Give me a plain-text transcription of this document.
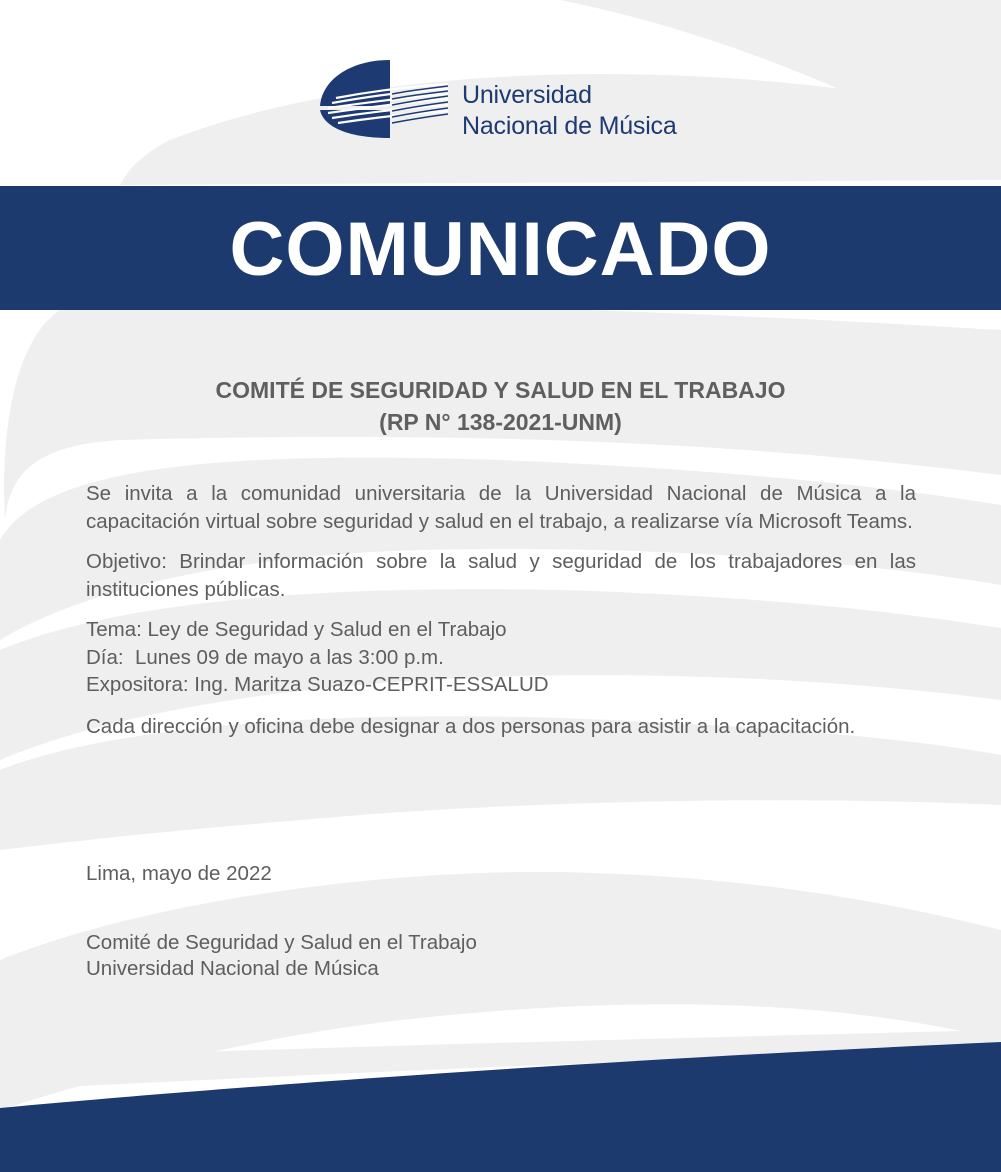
Universidad
Nacional de Música
COMUNICADO
COMITÉ DE SEGURIDAD Y SALUD EN EL TRABAJO
(RP N° 138-2021-UNM)

Se invita a la comunidad universitaria de la Universidad Nacional de Música a la capacitación virtual sobre seguridad y salud en el trabajo, a realizarse vía Microsoft Teams.

Objetivo: Brindar información sobre la salud y seguridad de los trabajadores en las instituciones públicas.

Tema: Ley de Seguridad y Salud en el Trabajo
Día:  Lunes 09 de mayo a las 3:00 p.m.
Expositora: Ing. Maritza Suazo-CEPRIT-ESSALUD

Cada dirección y oficina debe designar a dos personas para asistir a la capacitación.

Lima, mayo de 2022
Comité de Seguridad y Salud en el Trabajo
Universidad Nacional de Música
